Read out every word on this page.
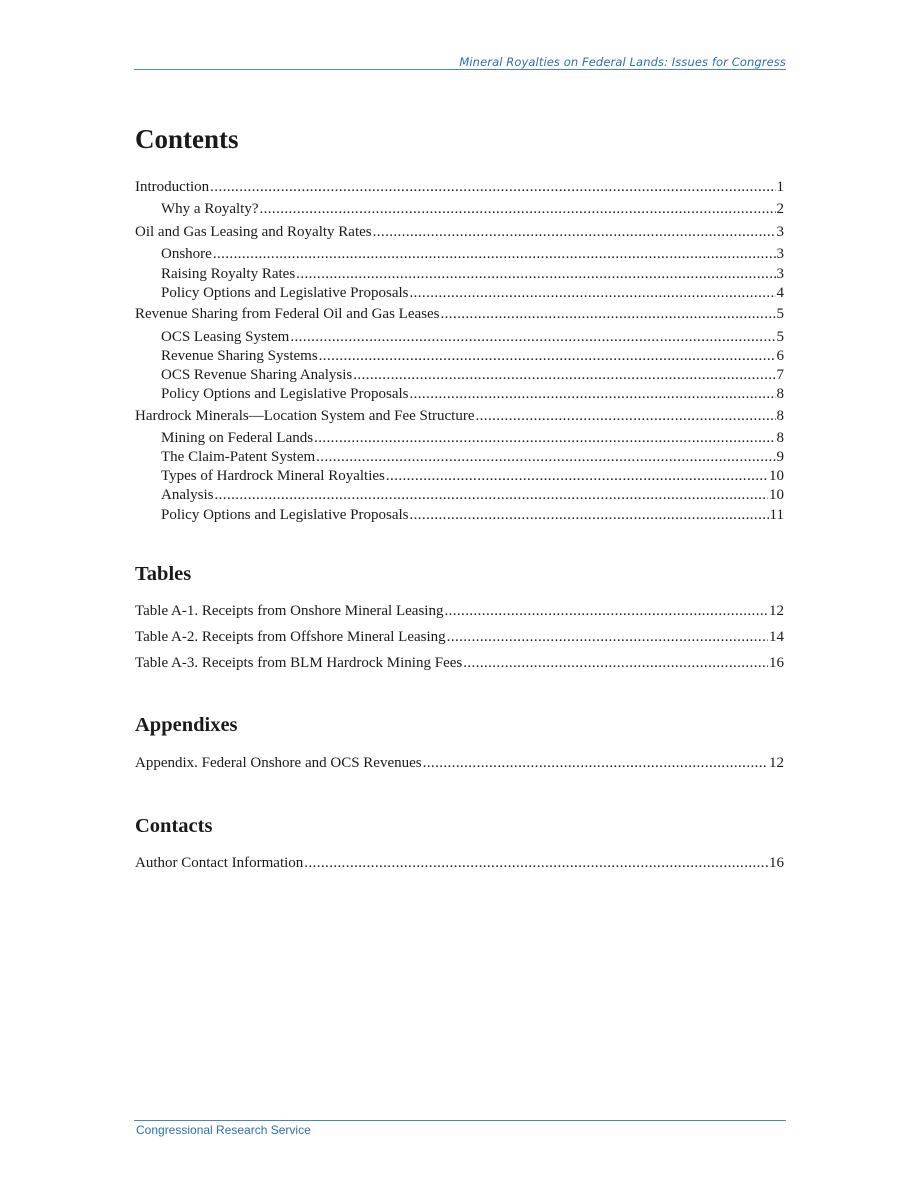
Mineral Royalties on Federal Lands: Issues for Congress
Contents
Introduction .....	1
Why a Royalty? .....	2
Oil and Gas Leasing and Royalty Rates .....	3
Onshore .....	3
Raising Royalty Rates .....	3
Policy Options and Legislative Proposals .....	4
Revenue Sharing from Federal Oil and Gas Leases .....	5
OCS Leasing System .....	5
Revenue Sharing Systems .....	6
OCS Revenue Sharing Analysis .....	7
Policy Options and Legislative Proposals .....	8
Hardrock Minerals—Location System and Fee Structure .....	8
Mining on Federal Lands .....	8
The Claim-Patent System .....	9
Types of Hardrock Mineral Royalties .....	10
Analysis .....	10
Policy Options and Legislative Proposals .....	11
Tables
Table A-1. Receipts from Onshore Mineral Leasing .....	12
Table A-2. Receipts from Offshore Mineral Leasing .....	14
Table A-3. Receipts from BLM Hardrock Mining Fees .....	16
Appendixes
Appendix. Federal Onshore and OCS Revenues .....	12
Contacts
Author Contact Information .....	16
Congressional Research Service
